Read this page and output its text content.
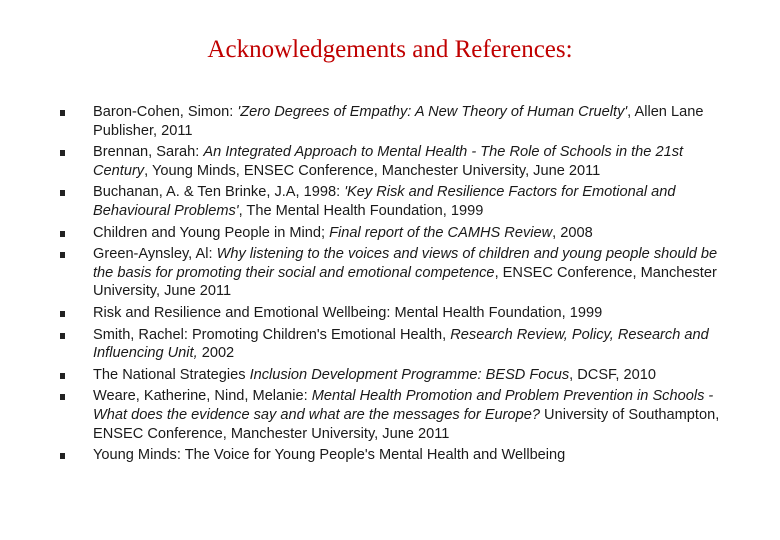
Acknowledgements and References:
Baron-Cohen, Simon: 'Zero Degrees of Empathy: A New Theory of Human Cruelty', Allen Lane Publisher, 2011
Brennan, Sarah: An Integrated Approach to Mental Health - The Role of Schools in the 21st Century, Young Minds, ENSEC Conference, Manchester University, June 2011
Buchanan, A. & Ten Brinke, J.A, 1998: 'Key Risk and Resilience Factors for Emotional and Behavioural Problems', The Mental Health Foundation, 1999
Children and Young People in Mind; Final report of the CAMHS Review, 2008
Green-Aynsley, Al: Why listening to the voices and views of children and young people should be the basis for promoting their social and emotional competence, ENSEC Conference, Manchester University, June 2011
Risk and Resilience and Emotional Wellbeing: Mental Health Foundation, 1999
Smith, Rachel: Promoting Children's Emotional Health, Research Review, Policy, Research and Influencing Unit, 2002
The National Strategies Inclusion Development Programme: BESD Focus, DCSF, 2010
Weare, Katherine, Nind, Melanie: Mental Health Promotion and Problem Prevention in Schools - What does the evidence say and what are the messages for Europe? University of Southampton, ENSEC Conference, Manchester University, June 2011
Young Minds: The Voice for Young People's Mental Health and Wellbeing
